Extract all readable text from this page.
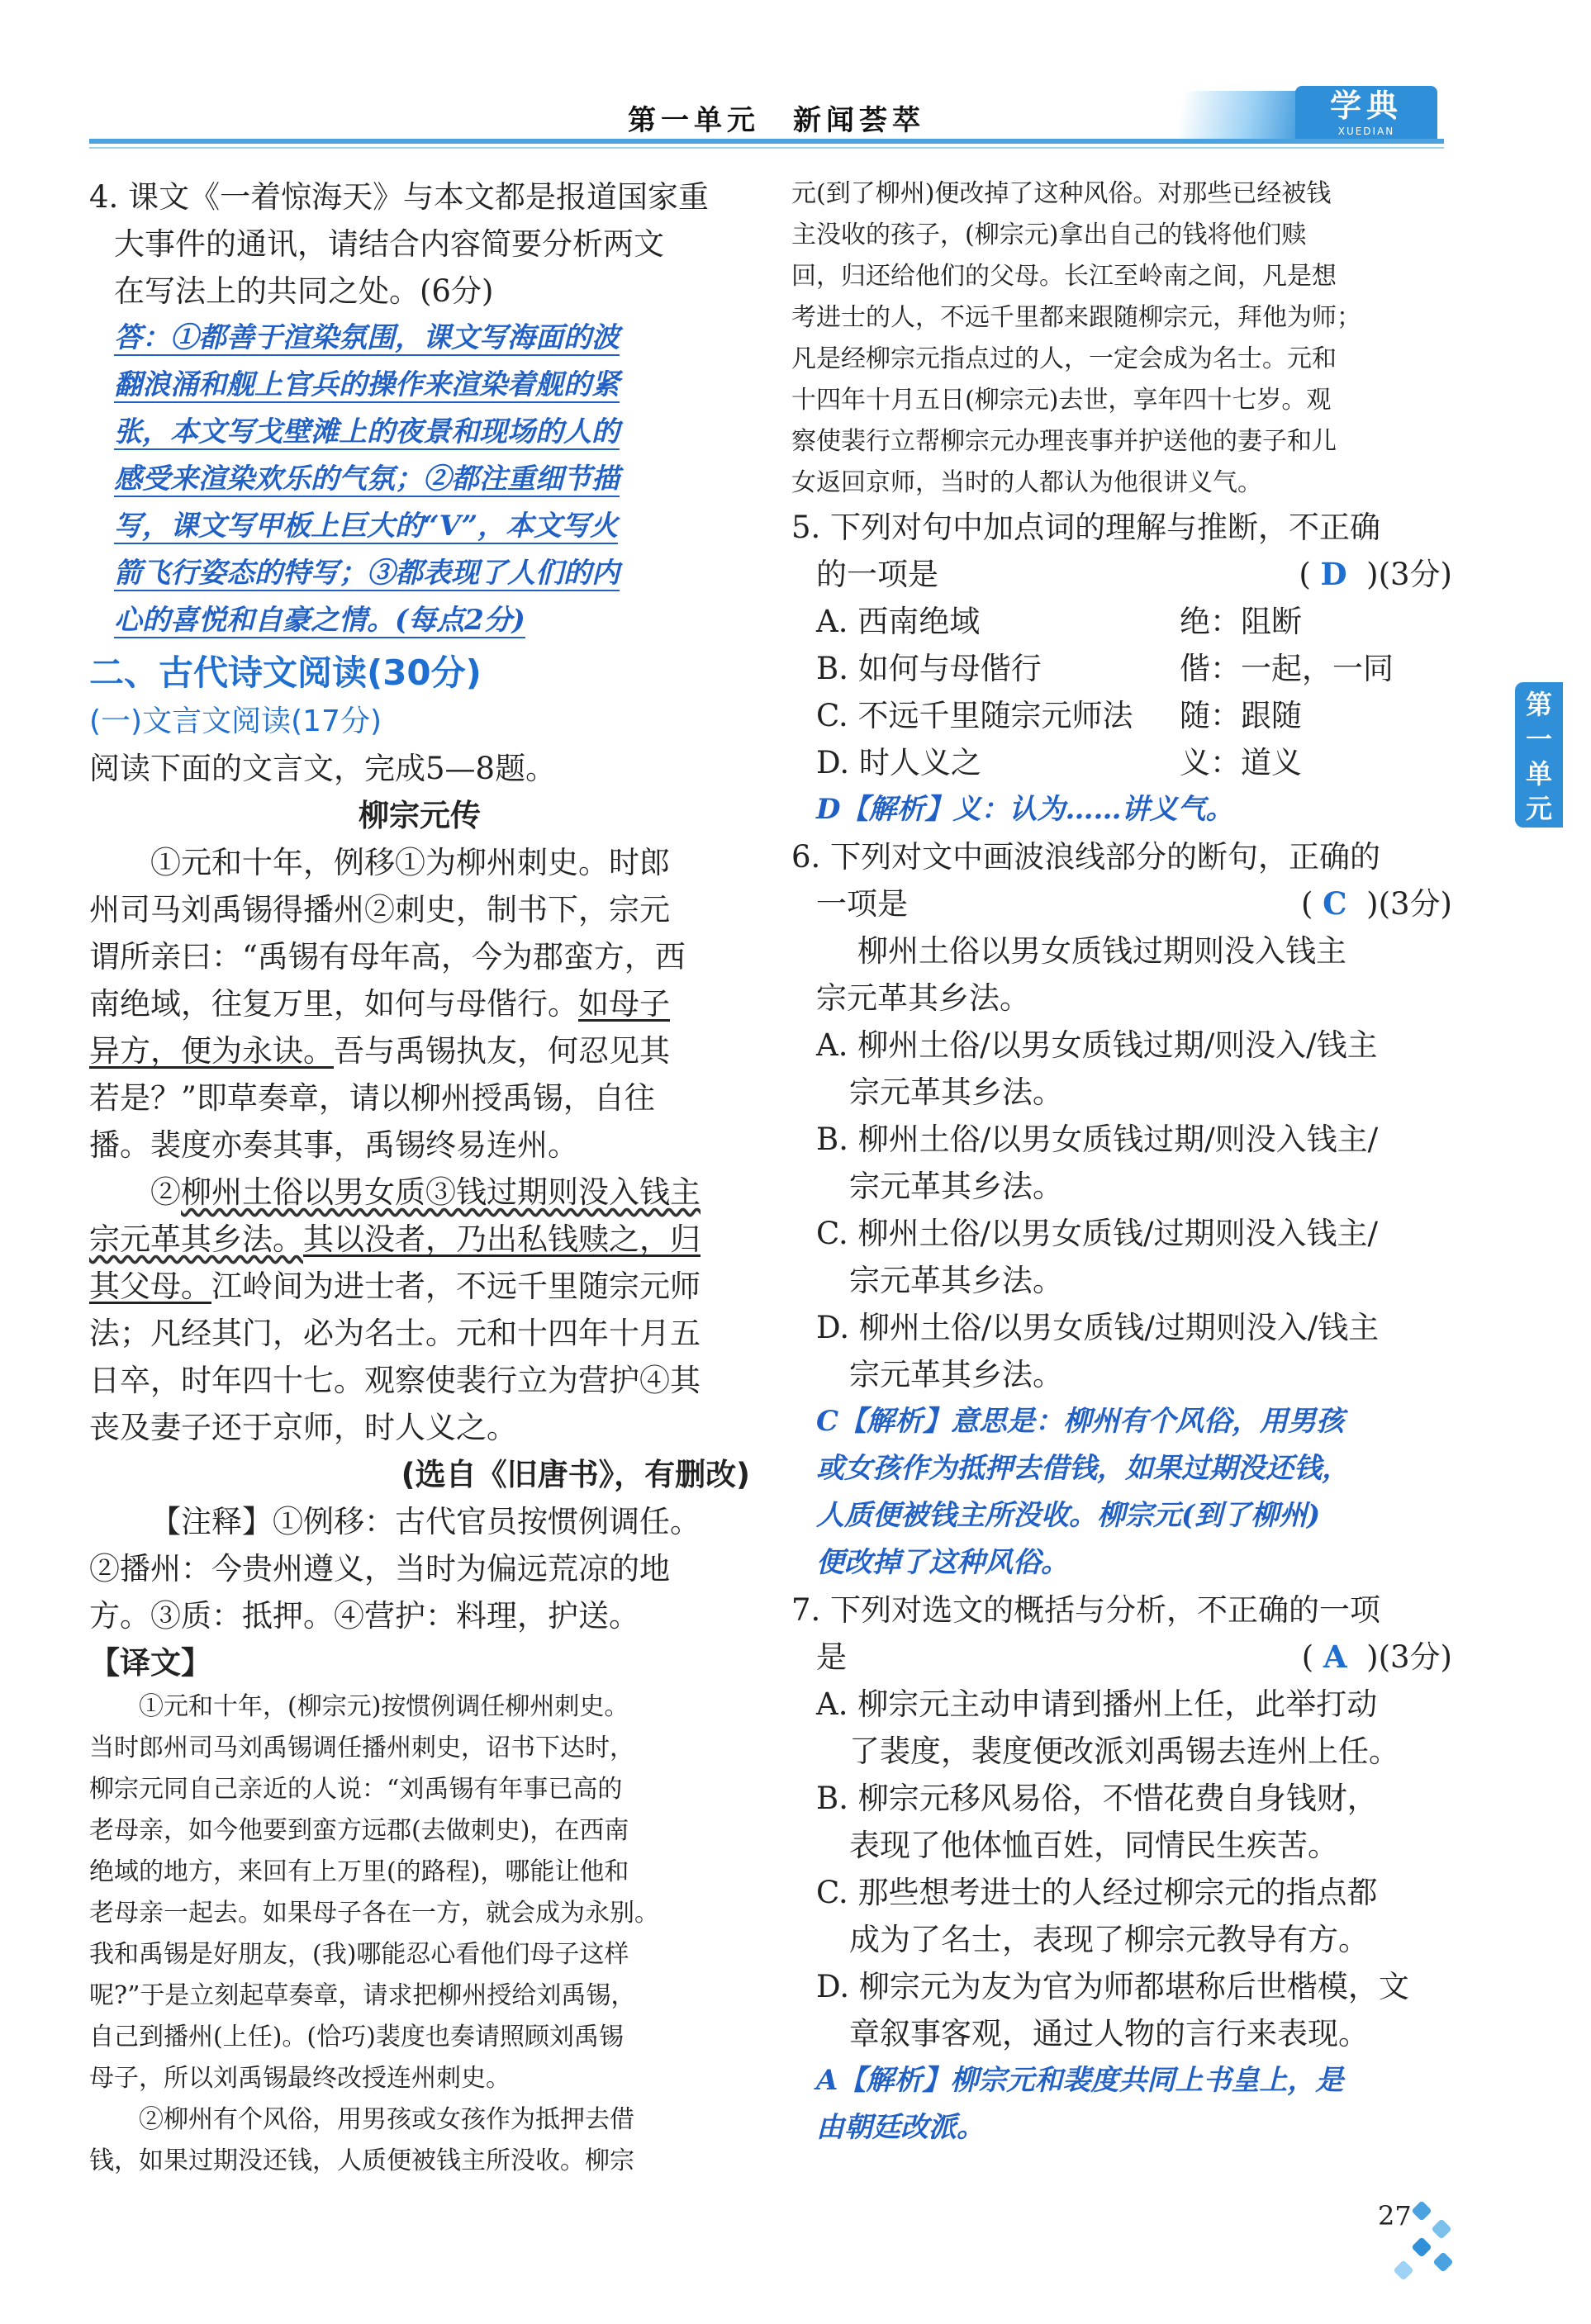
第一单元　新闻荟萃	学典
XUEDIAN
第
一
单
元

4. 课文《一着惊海天》与本文都是报道国家重

大事件的通讯，请结合内容简要分析两文

在写法上的共同之处。(6分)

答：①都善于渲染氛围，课文写海面的波

翻浪涌和舰上官兵的操作来渲染着舰的紧

张，本文写戈壁滩上的夜景和现场的人的

感受来渲染欢乐的气氛；②都注重细节描

写，课文写甲板上巨大的“V”，本文写火

箭飞行姿态的特写；③都表现了人们的内

心的喜悦和自豪之情。(每点2分)

二、古代诗文阅读(30分)

(一)文言文阅读(17分)

阅读下面的文言文，完成5—8题。

柳宗元传

①元和十年，例移①为柳州刺史。时郎

州司马刘禹锡得播州②刺史，制书下，宗元

谓所亲曰：“禹锡有母年高，今为郡蛮方，西

南绝域，往复万里，如何与母偕行。如母子

异方，便为永诀。吾与禹锡执友，何忍见其

若是？”即草奏章，请以柳州授禹锡，自往

播。裴度亦奏其事，禹锡终易连州。

②柳州土俗以男女质③钱过期则没入钱主

宗元革其乡法。其以没者，乃出私钱赎之，归

其父母。江岭间为进士者，不远千里随宗元师

法；凡经其门，必为名士。元和十四年十月五

日卒，时年四十七。观察使裴行立为营护④其

丧及妻子还于京师，时人义之。

(选自《旧唐书》，有删改)

【注释】①例移：古代官员按惯例调任。

②播州：今贵州遵义，当时为偏远荒凉的地

方。③质：抵押。④营护：料理，护送。

【译文】

①元和十年，(柳宗元)按惯例调任柳州刺史。

当时郎州司马刘禹锡调任播州刺史，诏书下达时，

柳宗元同自己亲近的人说：“刘禹锡有年事已高的

老母亲，如今他要到蛮方远郡(去做刺史)，在西南

绝域的地方，来回有上万里(的路程)，哪能让他和

老母亲一起去。如果母子各在一方，就会成为永别。

我和禹锡是好朋友，(我)哪能忍心看他们母子这样

呢?”于是立刻起草奏章，请求把柳州授给刘禹锡，

自己到播州(上任)。(恰巧)裴度也奏请照顾刘禹锡

母子，所以刘禹锡最终改授连州刺史。

②柳州有个风俗，用男孩或女孩作为抵押去借

钱，如果过期没还钱，人质便被钱主所没收。柳宗

元(到了柳州)便改掉了这种风俗。对那些已经被钱

主没收的孩子，(柳宗元)拿出自己的钱将他们赎

回，归还给他们的父母。长江至岭南之间，凡是想

考进士的人，不远千里都来跟随柳宗元，拜他为师；

凡是经柳宗元指点过的人，一定会成为名士。元和

十四年十月五日(柳宗元)去世，享年四十七岁。观

察使裴行立帮柳宗元办理丧事并护送他的妻子和儿

女返回京师，当时的人都认为他很讲义气。

5. 下列对句中加点词的理解与推断，不正确

的一项是	( D )(3分)

A. 西南绝域	绝：阻断
B. 如何与母偕行	偕：一起，一同
C. 不远千里随宗元师法	随：跟随
D. 时人义之	义：道义

D【解析】义：认为……讲义气。

6. 下列对文中画波浪线部分的断句，正确的

一项是	( C )(3分)

柳州土俗以男女质钱过期则没入钱主

宗元革其乡法。

A. 柳州土俗/以男女质钱过期/则没入/钱主

宗元革其乡法。

B. 柳州土俗/以男女质钱过期/则没入钱主/

宗元革其乡法。

C. 柳州土俗/以男女质钱/过期则没入钱主/

宗元革其乡法。

D. 柳州土俗/以男女质钱/过期则没入/钱主

宗元革其乡法。

C【解析】意思是：柳州有个风俗，用男孩

或女孩作为抵押去借钱，如果过期没还钱，

人质便被钱主所没收。柳宗元(到了柳州)

便改掉了这种风俗。

7. 下列对选文的概括与分析，不正确的一项

是	( A )(3分)

A. 柳宗元主动申请到播州上任，此举打动

了裴度，裴度便改派刘禹锡去连州上任。

B. 柳宗元移风易俗，不惜花费自身钱财，

表现了他体恤百姓，同情民生疾苦。

C. 那些想考进士的人经过柳宗元的指点都

成为了名士，表现了柳宗元教导有方。

D. 柳宗元为友为官为师都堪称后世楷模，文

章叙事客观，通过人物的言行来表现。

A【解析】柳宗元和裴度共同上书皇上，是

由朝廷改派。

27
